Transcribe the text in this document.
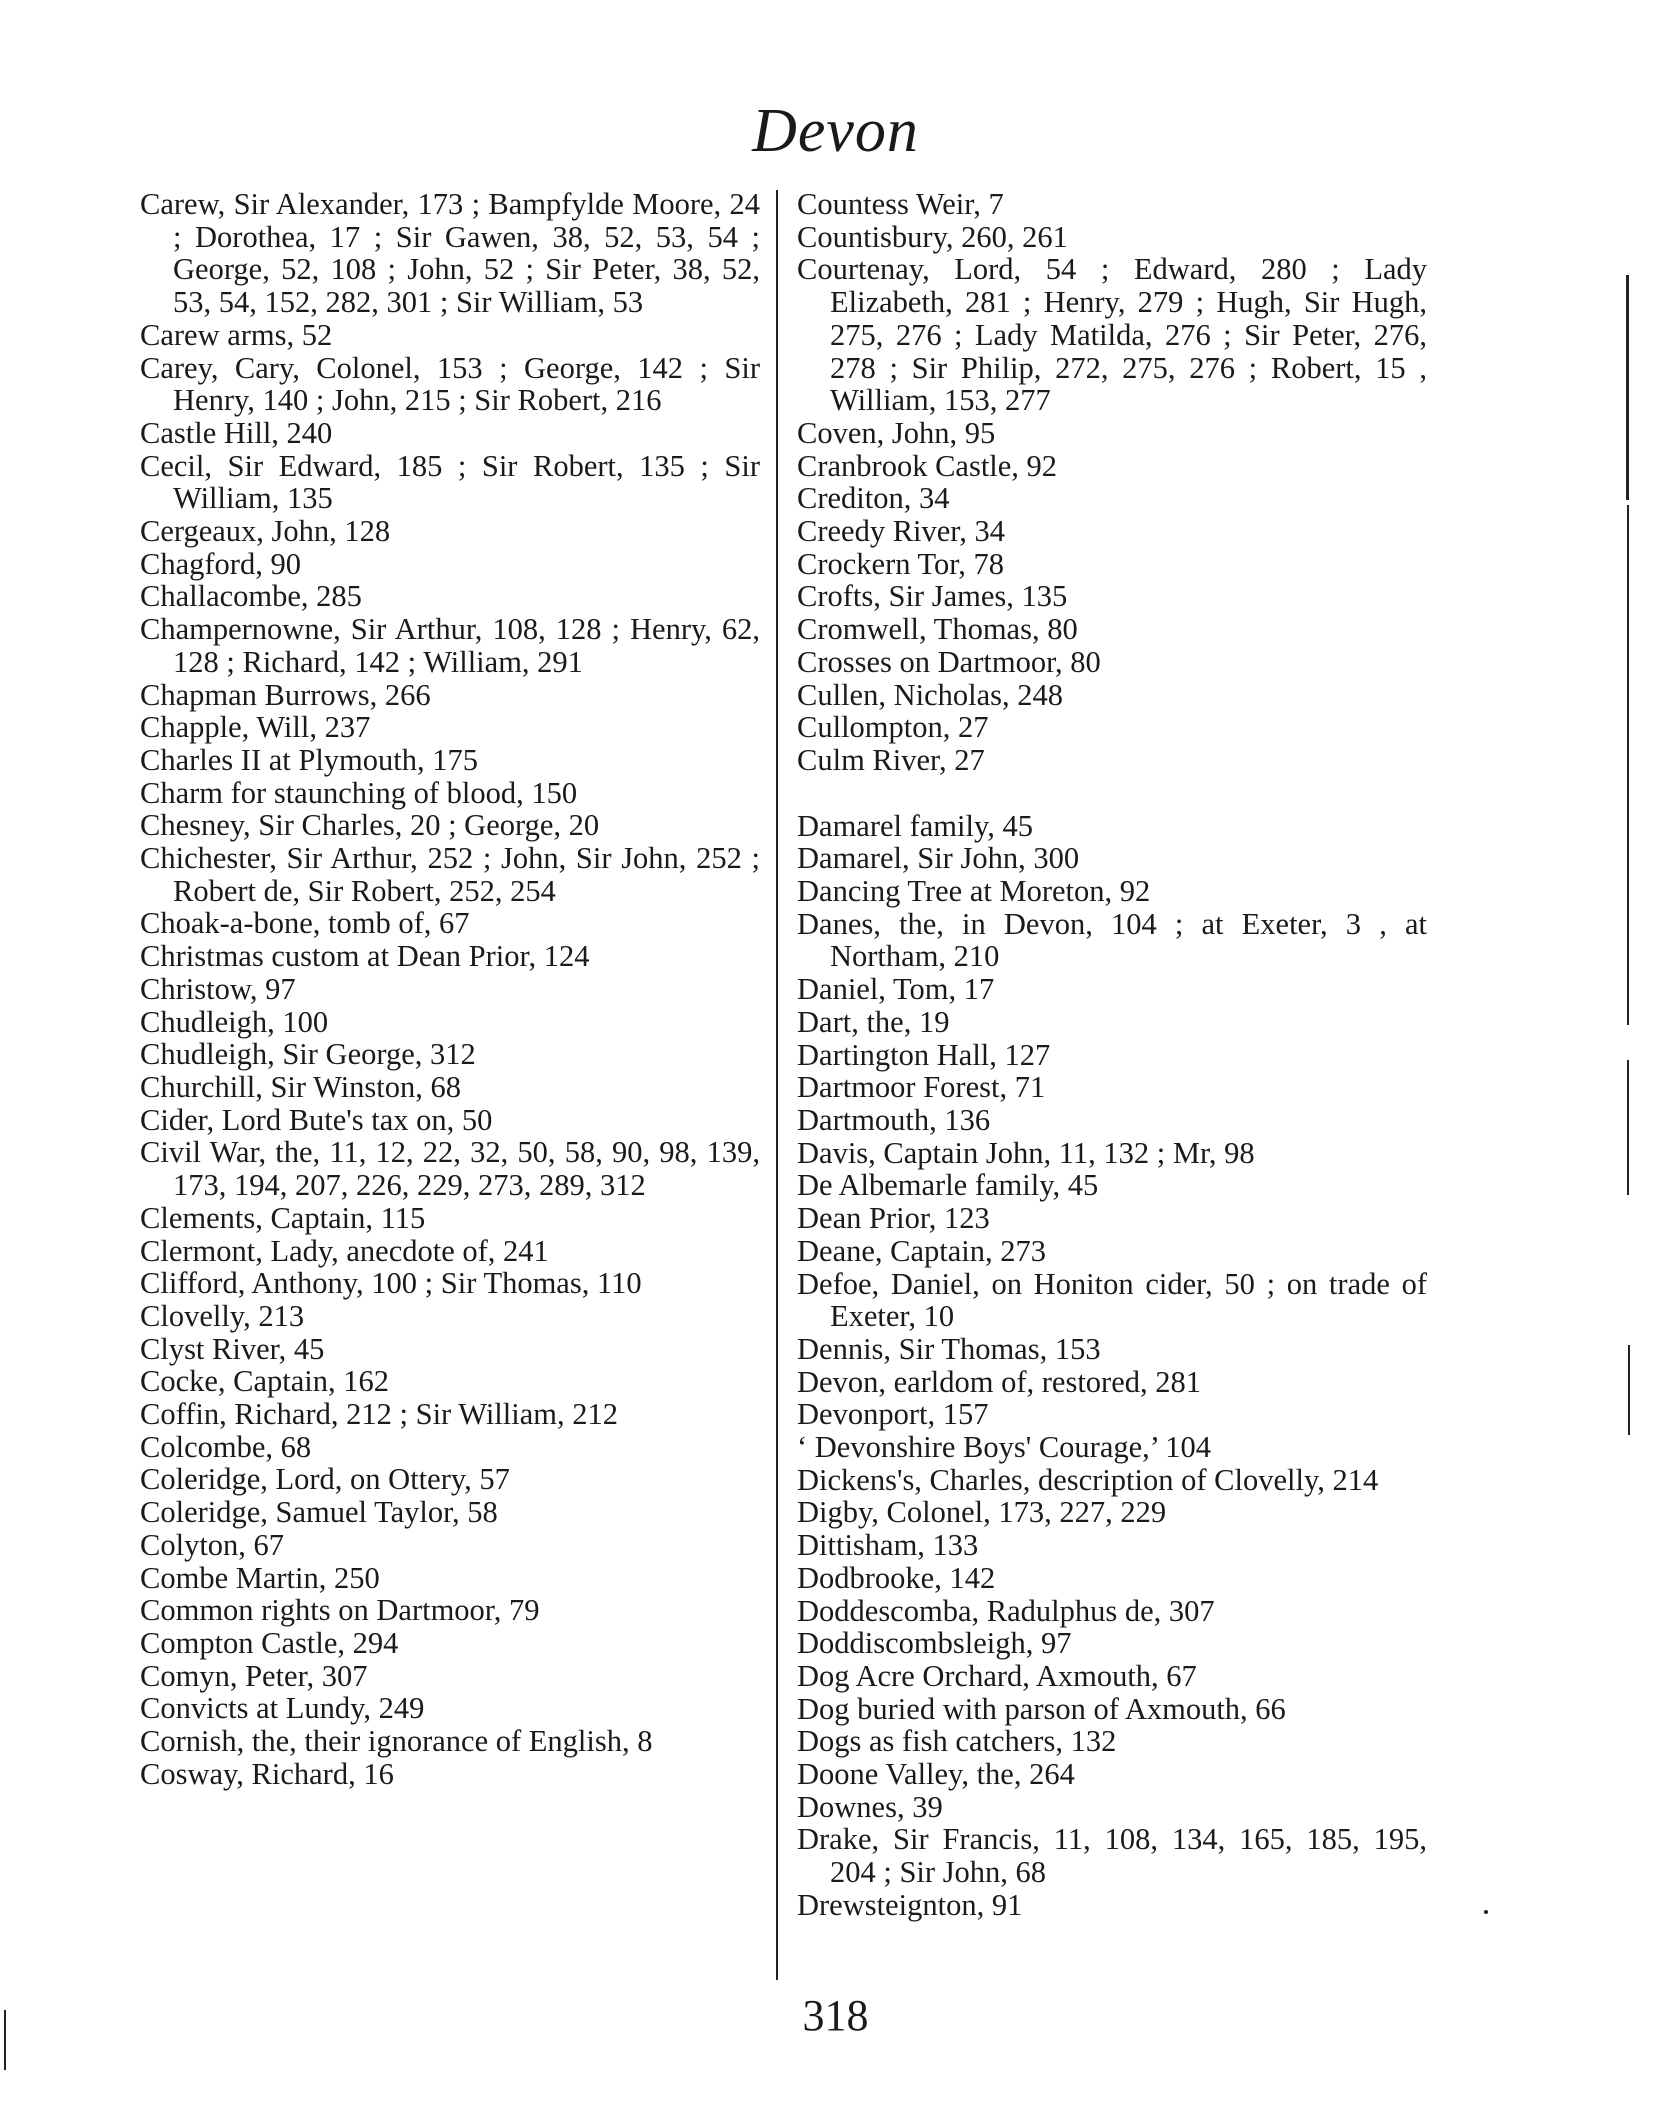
Devon
Carew, Sir Alexander, 173 ; Bampfylde Moore, 24 ; Dorothea, 17 ; Sir Gawen, 38, 52, 53, 54 ; George, 52, 108 ; John, 52 ; Sir Peter, 38, 52, 53, 54, 152, 282, 301 ; Sir William, 53
Carew arms, 52
Carey, Cary, Colonel, 153 ; George, 142 ; Sir Henry, 140 ; John, 215 ; Sir Robert, 216
Castle Hill, 240
Cecil, Sir Edward, 185 ; Sir Robert, 135 ; Sir William, 135
Cergeaux, John, 128
Chagford, 90
Challacombe, 285
Champernowne, Sir Arthur, 108, 128 ; Henry, 62, 128 ; Richard, 142 ; William, 291
Chapman Burrows, 266
Chapple, Will, 237
Charles II at Plymouth, 175
Charm for staunching of blood, 150
Chesney, Sir Charles, 20 ; George, 20
Chichester, Sir Arthur, 252 ; John, Sir John, 252 ; Robert de, Sir Robert, 252, 254
Choak-a-bone, tomb of, 67
Christmas custom at Dean Prior, 124
Christow, 97
Chudleigh, 100
Chudleigh, Sir George, 312
Churchill, Sir Winston, 68
Cider, Lord Bute's tax on, 50
Civil War, the, 11, 12, 22, 32, 50, 58, 90, 98, 139, 173, 194, 207, 226, 229, 273, 289, 312
Clements, Captain, 115
Clermont, Lady, anecdote of, 241
Clifford, Anthony, 100 ; Sir Thomas, 110
Clovelly, 213
Clyst River, 45
Cocke, Captain, 162
Coffin, Richard, 212 ; Sir William, 212
Colcombe, 68
Coleridge, Lord, on Ottery, 57
Coleridge, Samuel Taylor, 58
Colyton, 67
Combe Martin, 250
Common rights on Dartmoor, 79
Compton Castle, 294
Comyn, Peter, 307
Convicts at Lundy, 249
Cornish, the, their ignorance of English, 8
Cosway, Richard, 16
Countess Weir, 7
Countisbury, 260, 261
Courtenay, Lord, 54 ; Edward, 280 ; Lady Elizabeth, 281 ; Henry, 279 ; Hugh, Sir Hugh, 275, 276 ; Lady Matilda, 276 ; Sir Peter, 276, 278 ; Sir Philip, 272, 275, 276 ; Robert, 15 , William, 153, 277
Coven, John, 95
Cranbrook Castle, 92
Crediton, 34
Creedy River, 34
Crockern Tor, 78
Crofts, Sir James, 135
Cromwell, Thomas, 80
Crosses on Dartmoor, 80
Cullen, Nicholas, 248
Cullompton, 27
Culm River, 27
Damarel family, 45
Damarel, Sir John, 300
Dancing Tree at Moreton, 92
Danes, the, in Devon, 104 ; at Exeter, 3 , at Northam, 210
Daniel, Tom, 17
Dart, the, 19
Dartington Hall, 127
Dartmoor Forest, 71
Dartmouth, 136
Davis, Captain John, 11, 132 ; Mr, 98
De Albemarle family, 45
Dean Prior, 123
Deane, Captain, 273
Defoe, Daniel, on Honiton cider, 50 ; on trade of Exeter, 10
Dennis, Sir Thomas, 153
Devon, earldom of, restored, 281
Devonport, 157
‘ Devonshire Boys' Courage,’ 104
Dickens's, Charles, description of Clovelly, 214
Digby, Colonel, 173, 227, 229
Dittisham, 133
Dodbrooke, 142
Doddescomba, Radulphus de, 307
Doddiscombsleigh, 97
Dog Acre Orchard, Axmouth, 67
Dog buried with parson of Axmouth, 66
Dogs as fish catchers, 132
Doone Valley, the, 264
Downes, 39
Drake, Sir Francis, 11, 108, 134, 165, 185, 195, 204 ; Sir John, 68
Drewsteignton, 91
318
